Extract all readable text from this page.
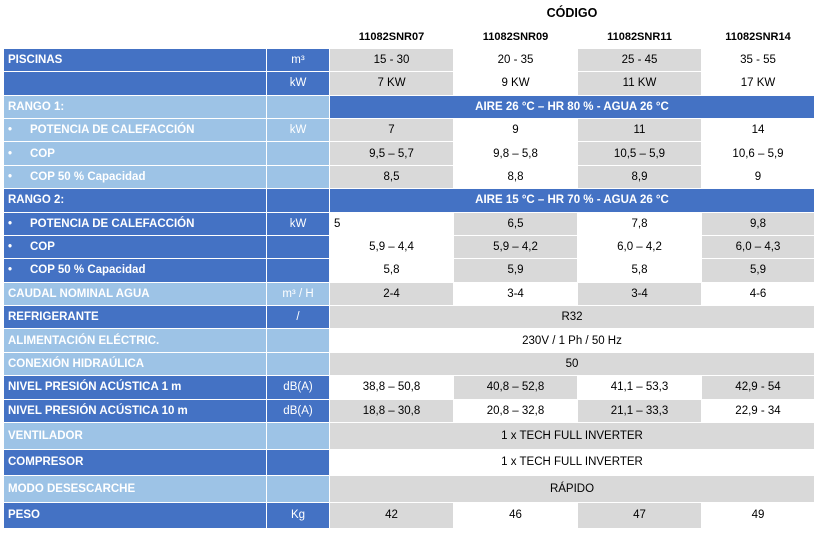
		CÓDIGO			
		11082SNR07	11082SNR09	11082SNR11	11082SNR14
PISCINAS	m³	15 - 30	20 - 35	25 - 45	35 - 55
	kW	7 KW	9 KW	11 KW	17 KW
RANGO 1:		AIRE 26 °C – HR 80 % - AGUA 26 °C			
• POTENCIA DE CALEFACCIÓN	kW	7	9	11	14
• COP		9,5 – 5,7	9,8 – 5,8	10,5 – 5,9	10,6 – 5,9
• COP 50 % Capacidad		8,5	8,8	8,9	9
RANGO 2:		AIRE 15 °C – HR 70 % - AGUA 26 °C			
• POTENCIA DE CALEFACCIÓN	kW	5	6,5	7,8	9,8
• COP		5,9 – 4,4	5,9 – 4,2	6,0 – 4,2	6,0 – 4,3
• COP 50 % Capacidad		5,8	5,9	5,8	5,9
CAUDAL NOMINAL AGUA	m³ / H	2-4	3-4	3-4	4-6
REFRIGERANTE	/	R32			
ALIMENTACIÓN ELÉCTRIC.		230V / 1 Ph / 50 Hz			
CONEXIÓN HIDRAÚLICA		50			
NIVEL PRESIÓN ACÚSTICA 1 m	dB(A)	38,8 – 50,8	40,8 – 52,8	41,1 – 53,3	42,9 - 54
NIVEL PRESIÓN ACÚSTICA 10 m	dB(A)	18,8 – 30,8	20,8 – 32,8	21,1 – 33,3	22,9 - 34
VENTILADOR		1 x TECH FULL INVERTER			
COMPRESOR		1 x TECH FULL INVERTER			
MODO DESESCARCHE		RÁPIDO			
PESO	Kg	42	46	47	49
